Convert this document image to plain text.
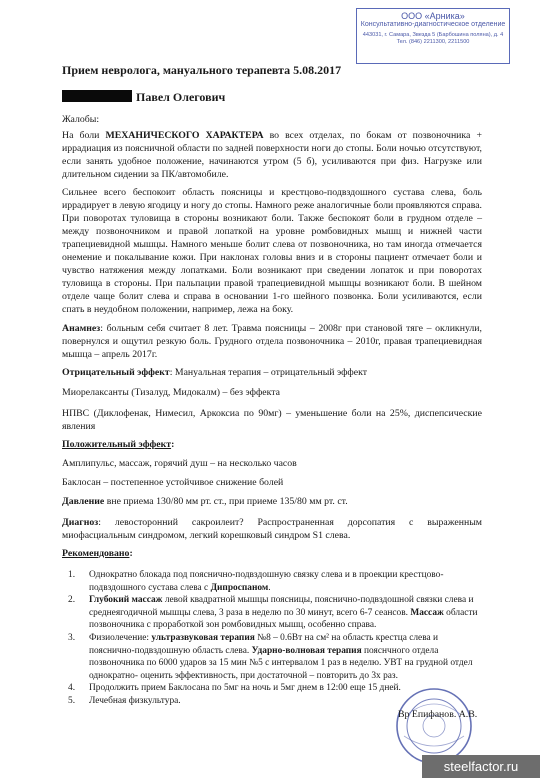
ООО «Арника»
Консультативно-диагностическое отделение
443031, г. Самара, Звезда 5 (Барбошина поляна), д. 4 Тел. (846) 2211300, 2211500
Прием невролога, мануального терапевта 5.08.2017
Павел Олегович

Жалобы:

На боли МЕХАНИЧЕСКОГО ХАРАКТЕРА во всех отделах, по бокам от позвоночника + иррадиация из поясничной области по задней поверхности ноги до стопы. Боли ночью отсутствуют, если занять удобное положение, начинаются утром (5 б), усиливаются при физ. Нагрузке или длительном сидении за ПК/автомобиле.

Сильнее всего беспокоит область поясницы и крестцово-подвздошного сустава слева, боль иррадирует в левую ягодицу и ногу до стопы. Намного реже аналогичные боли проявляются справа. При поворотах туловища в стороны возникают боли. Также беспокоят боли в грудном отделе – между позвоночником и правой лопаткой на уровне ромбовидных мышц и нижней части трапециевидной мышцы. Намного меньше болит слева от позвоночника, но там иногда отмечается онемение и покалывание кожи. При наклонах головы вниз и в стороны пациент отмечает боли и чувство натяжения между лопатками. Боли возникают при сведении лопаток и при поворотах туловища в стороны. При пальпации правой трапециевидной мышцы возникают боли. В шейном отделе чаще болит слева и справа в основании 1-го шейного позвонка. Боли усиливаются, если спать в неудобном положении, например, лежа на боку.

Анамнез: больным себя считает 8 лет. Травма поясницы – 2008г при становой тяге – окликнули, повернулся и ощутил резкую боль. Грудного отдела позвоночника – 2010г, правая трапециевидная мышца – апрель 2017г.

Отрицательный эффект: Мануальная терапия – отрицательный эффект

Миорелаксанты (Тизалуд, Мидокалм) – без эффекта

НПВС (Диклофенак, Нимесил, Аркоксиа по 90мг) – уменьшение боли на 25%, диспепсические явления

Положительный эффект:

Амплипульс, массаж, горячий душ – на несколько часов

Баклосан – постепенное устойчивое снижение болей

Давление вне приема 130/80 мм рт. ст., при приеме 135/80 мм рт. ст.

Диагноз: левосторонний сакроилеит? Распространенная дорсопатия с выраженным миофасциальным синдромом, легкий корешковый синдром S1 слева.

Рекомендовано:

1. Однократно блокада под пояснично-подвздошную связку слева и в проекции крестцово-подвздошного сустава слева с Дипроспаном.
2. Глубокий массаж левой квадратной мышцы поясницы, пояснично-подвздошной связки слева и среднеягодичной мышцы слева, 3 раза в неделю по 30 минут, всего 6-7 сеансов. Массаж области позвоночника с проработкой зон ромбовидных мышц, особенно справа.
3. Физиолечение: ультразвуковая терапия №8 – 0.6Вт на см² на область крестца слева и пояснично-подвздошную область слева. Ударно-волновая терапия пояснчного отдела позвоночника по 6000 ударов за 15 мин №5 с интервалом 1 раз в неделю. УВТ на грудной отдел однократно- оценить эффективность, при достаточной – повторить до 3х раз.
4. Продолжить прием Баклосана по 5мг на ночь и 5мг днем в 12:00 еще 15 дней.
5. Лечебная физкультура.
Вр Епифанов. А.В.
steelfactor.ru
